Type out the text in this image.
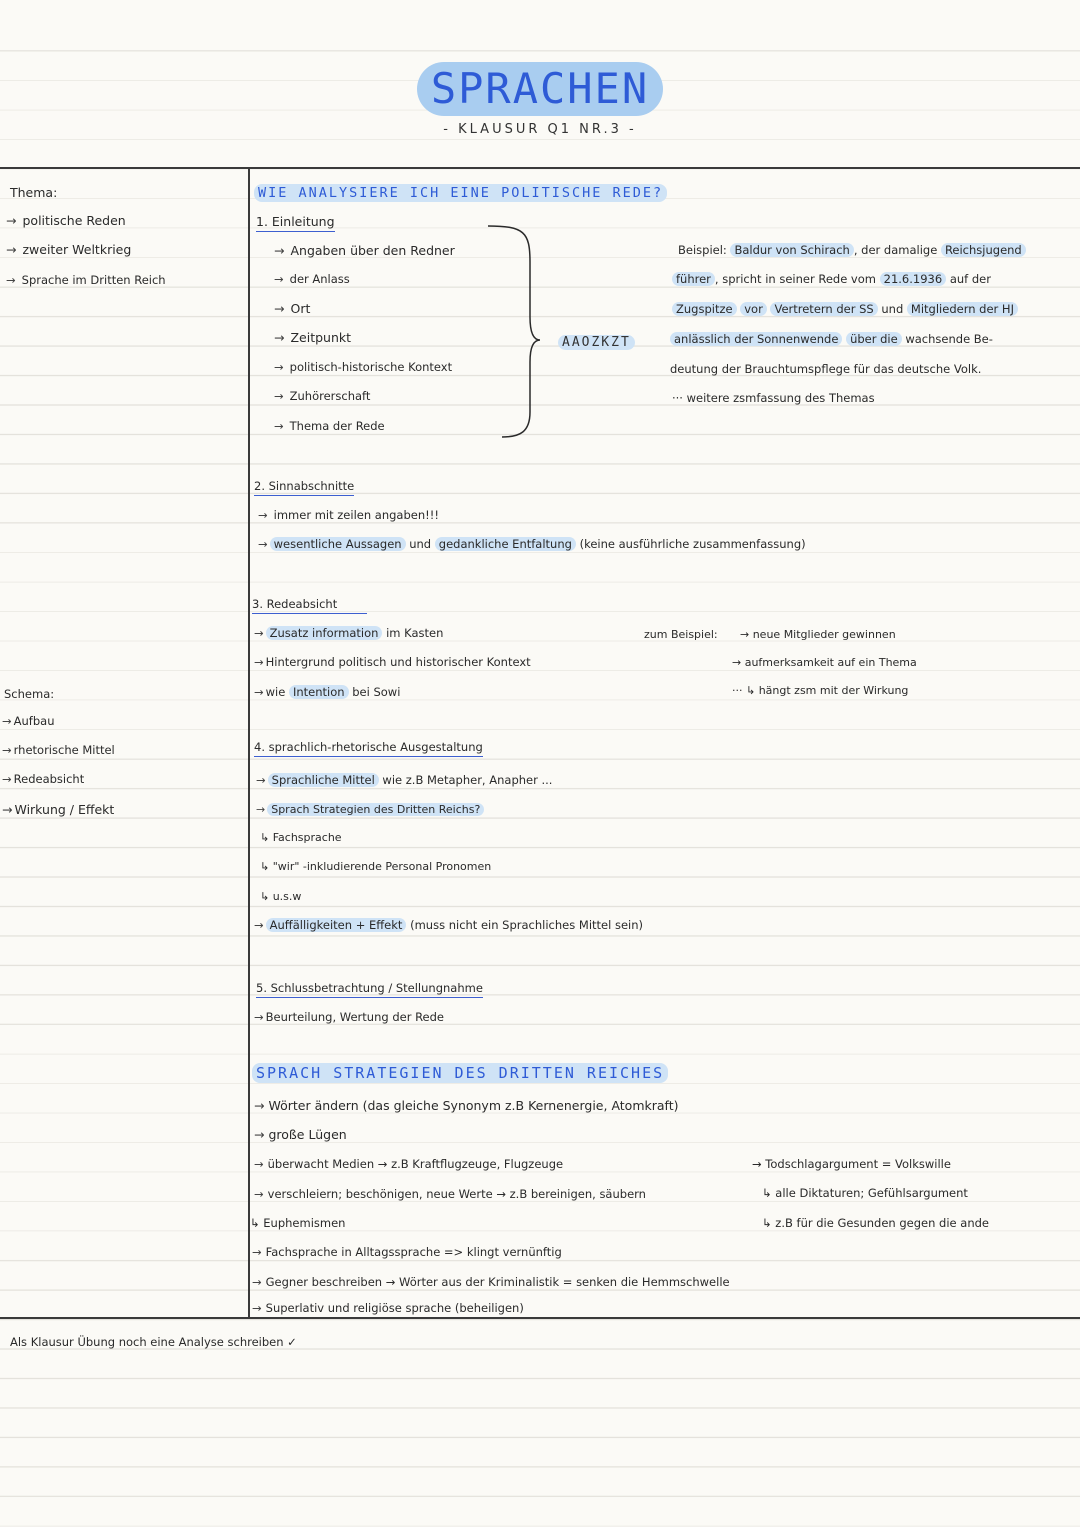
SPRACHEN
- KLAUSUR Q1 NR.3 -
Thema:
→ politische Reden
→ zweiter Weltkrieg
→ Sprache im Dritten Reich
Schema:
→ Aufbau
→ rhetorische Mittel
→ Redeabsicht
→ Wirkung / Effekt
WIE ANALYSIERE ICH EINE POLITISCHE REDE?
1. Einleitung
→ Angaben über den Redner
→ der Anlass
→ Ort
→ Zeitpunkt
→ politisch-historische Kontext
→ Zuhörerschaft
→ Thema der Rede
AAOZKZT
Beispiel: Baldur von Schirach , der damalige Reichsjugend
führer , spricht in seiner Rede vom 21.6.1936 auf der
Zugspitze vor Vertretern der SS und Mitgliedern der HJ
anlässlich der Sonnenwende über die wachsende Be-
deutung der Brauchtumspflege für das deutsche Volk.
··· weitere zsmfassung des Themas
2. Sinnabschnitte
→ immer mit zeilen angaben!!!
→ wesentliche Aussagen und gedankliche Entfaltung (keine ausführliche zusammenfassung)
3. Redeabsicht
→ Zusatz information im Kasten
→ Hintergrund politisch und historischer Kontext
→ wie Intention bei Sowi
zum Beispiel: → neue Mitglieder gewinnen
→ aufmerksamkeit auf ein Thema
··· ↳ hängt zsm mit der Wirkung
4. sprachlich-rhetorische Ausgestaltung
→ Sprachliche Mittel wie z.B Metapher, Anapher ...
→ Sprach Strategien des Dritten Reichs?
↳ Fachsprache
↳ "wir" -inkludierende Personal Pronomen
↳ u.s.w
→ Auffälligkeiten + Effekt (muss nicht ein Sprachliches Mittel sein)
5. Schlussbetrachtung / Stellungnahme
→ Beurteilung, Wertung der Rede
SPRACH STRATEGIEN DES DRITTEN REICHES
→ Wörter ändern (das gleiche Synonym z.B Kernenergie, Atomkraft)
→ große Lügen
→ überwacht Medien → z.B Kraftflugzeuge, Flugzeuge
→ verschleiern; beschönigen, neue Werte → z.B bereinigen, säubern
↳ Euphemismen
→ Fachsprache in Alltagssprache => klingt vernünftig
→ Gegner beschreiben → Wörter aus der Kriminalistik = senken die Hemmschwelle
→ Superlativ und religiöse sprache (beheiligen)
→ Todschlagargument = Volkswille
↳ alle Diktaturen; Gefühlsargument
↳ z.B für die Gesunden gegen die ande
Als Klausur Übung noch eine Analyse schreiben ✓
